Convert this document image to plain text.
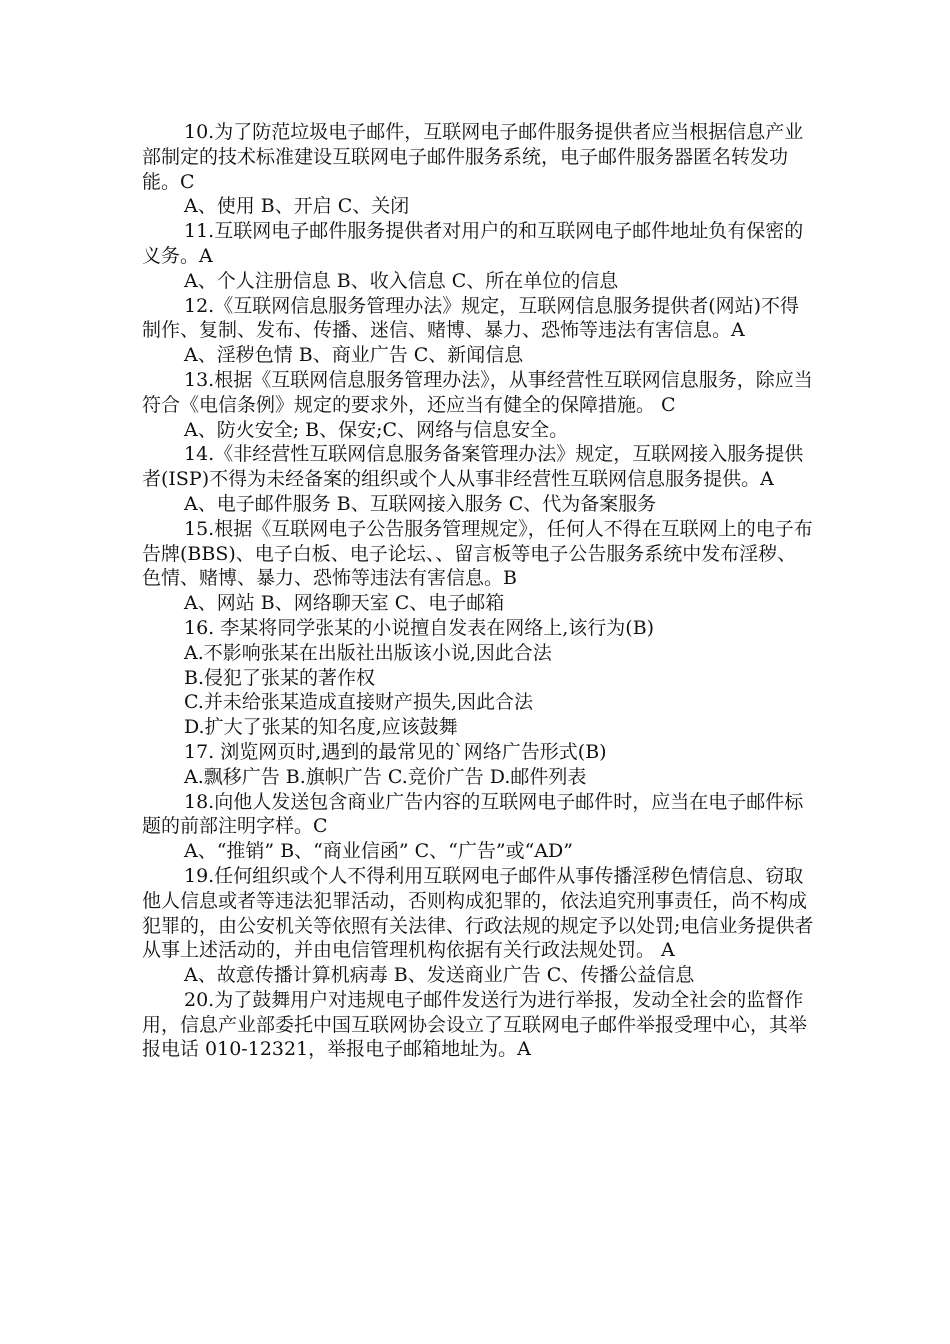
10.为了防范垃圾电子邮件，互联网电子邮件服务提供者应当根据信息产业部制定的技术标准建设互联网电子邮件服务系统，电子邮件服务器匿名转发功能。C

A、使用 B、开启 C、关闭

11.互联网电子邮件服务提供者对用户的和互联网电子邮件地址负有保密的义务。A

A、个人注册信息 B、收入信息 C、所在单位的信息

12.《互联网信息服务管理办法》规定，互联网信息服务提供者(网站)不得制作、复制、发布、传播、迷信、赌博、暴力、恐怖等违法有害信息。A

A、淫秽色情 B、商业广告 C、新闻信息

13.根据《互联网信息服务管理办法》，从事经营性互联网信息服务，除应当符合《电信条例》规定的要求外，还应当有健全的保障措施。 C

A、防火安全; B、保安;C、网络与信息安全。

14.《非经营性互联网信息服务备案管理办法》规定，互联网接入服务提供者(ISP)不得为未经备案的组织或个人从事非经营性互联网信息服务提供。A

A、电子邮件服务 B、互联网接入服务 C、代为备案服务

15.根据《互联网电子公告服务管理规定》，任何人不得在互联网上的电子布告牌(BBS)、电子白板、电子论坛、、留言板等电子公告服务系统中发布淫秽、色情、赌博、暴力、恐怖等违法有害信息。B

A、网站 B、网络聊天室 C、电子邮箱

16. 李某将同学张某的小说擅自发表在网络上,该行为(B)

A.不影响张某在出版社出版该小说,因此合法

B.侵犯了张某的著作权

C.并未给张某造成直接财产损失,因此合法

D.扩大了张某的知名度,应该鼓舞

17. 浏览网页时,遇到的最常见的`网络广告形式(B)

A.飘移广告 B.旗帜广告 C.竞价广告 D.邮件列表

18.向他人发送包含商业广告内容的互联网电子邮件时，应当在电子邮件标题的前部注明字样。C

A、“推销” B、“商业信函” C、“广告”或“AD”

19.任何组织或个人不得利用互联网电子邮件从事传播淫秽色情信息、窃取他人信息或者等违法犯罪活动，否则构成犯罪的，依法追究刑事责任，尚不构成犯罪的，由公安机关等依照有关法律、行政法规的规定予以处罚;电信业务提供者从事上述活动的，并由电信管理机构依据有关行政法规处罚。 A

A、故意传播计算机病毒 B、发送商业广告 C、传播公益信息

20.为了鼓舞用户对违规电子邮件发送行为进行举报，发动全社会的监督作用，信息产业部委托中国互联网协会设立了互联网电子邮件举报受理中心，其举报电话 010-12321，举报电子邮箱地址为。A
